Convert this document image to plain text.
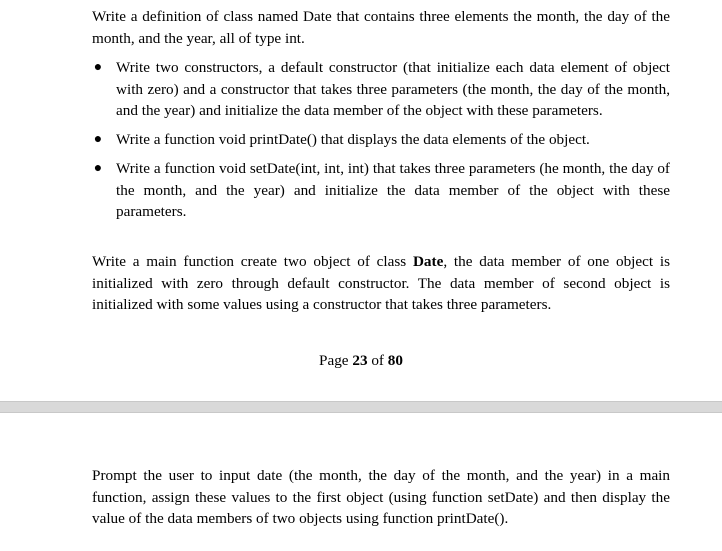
Write a definition of class named Date that contains three elements the month, the day of the month, and the year, all of type int.

● Write two constructors, a default constructor (that initialize each data element of object with zero) and a constructor that takes three parameters (the month, the day of the month, and the year) and initialize the data member of the object with these parameters.
● Write a function void printDate() that displays the data elements of the object.
● Write a function void setDate(int, int, int) that takes three parameters (he month, the day of the month, and the year) and initialize the data member of the object with these parameters.

Write a main function create two object of class Date, the data member of one object is initialized with zero through default constructor. The data member of second object is initialized with some values using a constructor that takes three parameters.

Page 23 of 80

Prompt the user to input date (the month, the day of the month, and the year) in a main function, assign these values to the first object (using function setDate) and then display the value of the data members of two objects using function printDate().
